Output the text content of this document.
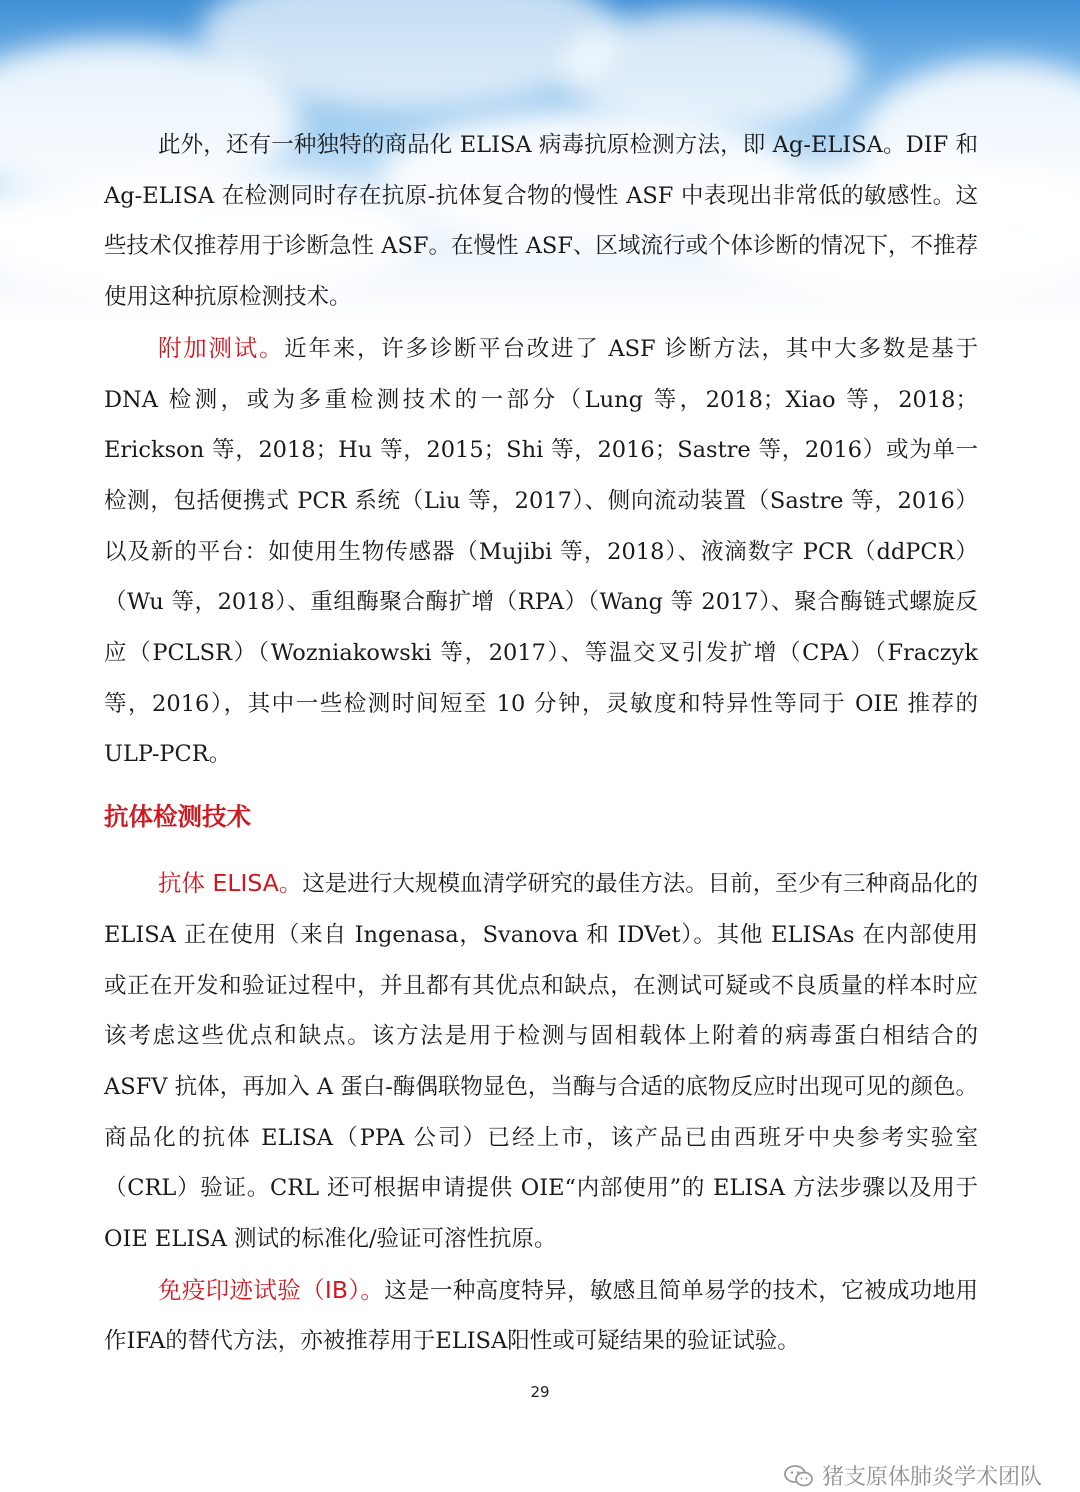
此外，还有一种独特的商品化 ELISA 病毒抗原检测方法，即 Ag-ELISA。DIF 和 Ag-ELISA 在检测同时存在抗原-抗体复合物的慢性 ASF 中表现出非常低的敏感性。这些技术仅推荐用于诊断急性 ASF。在慢性 ASF、区域流行或个体诊断的情况下，不推荐使用这种抗原检测技术。

附加测试。近年来，许多诊断平台改进了 ASF 诊断方法，其中大多数是基于 DNA 检测，或为多重检测技术的一部分（Lung 等，2018；Xiao 等，2018；Erickson 等，2018；Hu 等，2015；Shi 等，2016；Sastre 等，2016）或为单一检测，包括便携式 PCR 系统（Liu 等，2017）、侧向流动装置（Sastre 等，2016）以及新的平台：如使用生物传感器（Mujibi 等，2018）、液滴数字 PCR（ddPCR）（Wu 等，2018）、重组酶聚合酶扩增（RPA）（Wang 等 2017）、聚合酶链式螺旋反应（PCLSR）（Wozniakowski 等，2017）、等温交叉引发扩增（CPA）（Fraczyk 等，2016），其中一些检测时间短至 10 分钟，灵敏度和特异性等同于 OIE 推荐的 ULP-PCR。

抗体检测技术

抗体 ELISA。这是进行大规模血清学研究的最佳方法。目前，至少有三种商品化的 ELISA 正在使用（来自 Ingenasa，Svanova 和 IDVet）。其他 ELISAs 在内部使用或正在开发和验证过程中，并且都有其优点和缺点，在测试可疑或不良质量的样本时应该考虑这些优点和缺点。该方法是用于检测与固相载体上附着的病毒蛋白相结合的 ASFV 抗体，再加入 A 蛋白-酶偶联物显色，当酶与合适的底物反应时出现可见的颜色。商品化的抗体 ELISA（PPA 公司）已经上市，该产品已由西班牙中央参考实验室（CRL）验证。CRL 还可根据申请提供 OIE“内部使用”的 ELISA 方法步骤以及用于 OIE ELISA 测试的标准化/验证可溶性抗原。

免疫印迹试验（IB）。这是一种高度特异，敏感且简单易学的技术，它被成功地用作IFA的替代方法，亦被推荐用于ELISA阳性或可疑结果的验证试验。

29
猪支原体肺炎学术团队
